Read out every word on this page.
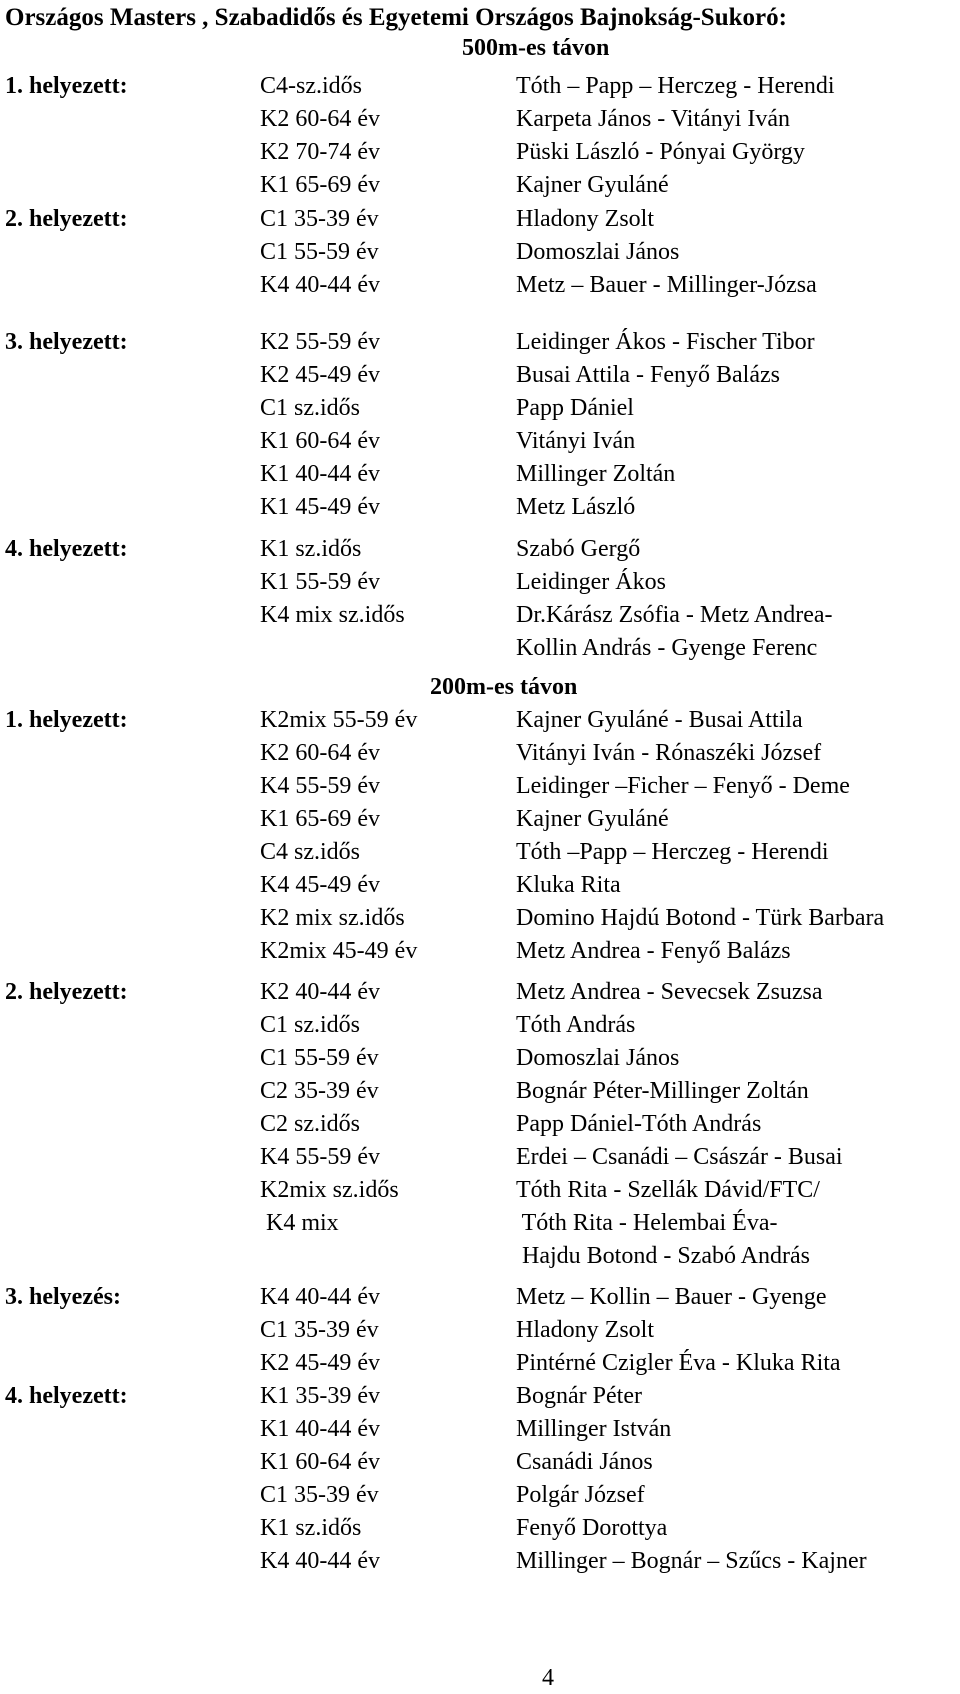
Országos Masters , Szabadidős és Egyetemi Országos Bajnokság-Sukoró:
500m-es távon
1. helyezett:	C4-sz.idős	Tóth – Papp – Herczeg - Herendi
K2 60-64 év	Karpeta János - Vitányi Iván
K2 70-74 év	Püski László - Pónyai György
K1 65-69 év	Kajner Gyuláné
2. helyezett:	C1 35-39 év	Hladony Zsolt
C1 55-59 év	Domoszlai János
K4 40-44 év	Metz – Bauer - Millinger-Józsa
3. helyezett:	K2 55-59 év	Leidinger Ákos - Fischer Tibor
K2 45-49 év	Busai Attila - Fenyő Balázs
C1 sz.idős	Papp Dániel
K1 60-64 év	Vitányi Iván
K1 40-44 év	Millinger Zoltán
K1 45-49 év	Metz László
4. helyezett:	K1 sz.idős	Szabó Gergő
K1 55-59 év	Leidinger Ákos
K4 mix sz.idős	Dr.Kárász Zsófia - Metz Andrea-
Kollin András - Gyenge Ferenc
200m-es távon
1. helyezett:	K2mix 55-59 év	Kajner Gyuláné - Busai Attila
K2 60-64 év	Vitányi Iván - Rónaszéki József
K4 55-59 év	Leidinger –Ficher – Fenyő - Deme
K1 65-69 év	Kajner Gyuláné
C4 sz.idős	Tóth –Papp – Herczeg - Herendi
K4 45-49 év	Kluka Rita
K2 mix sz.idős	Domino Hajdú Botond - Türk Barbara
K2mix 45-49 év	Metz Andrea - Fenyő Balázs
2. helyezett:	K2 40-44 év	Metz Andrea - Sevecsek Zsuzsa
C1 sz.idős	Tóth András
C1 55-59 év	Domoszlai János
C2 35-39 év	Bognár Péter-Millinger Zoltán
C2 sz.idős	Papp Dániel-Tóth András
K4 55-59 év	Erdei – Csanádi – Császár - Busai
K2mix sz.idős	Tóth Rita - Szellák Dávid/FTC/
K4 mix	Tóth Rita - Helembai Éva-
Hajdu Botond - Szabó András
3. helyezés:	K4 40-44 év	Metz – Kollin – Bauer - Gyenge
C1 35-39 év	Hladony Zsolt
K2 45-49 év	Pintérné Czigler Éva - Kluka Rita
4. helyezett:	K1 35-39 év	Bognár Péter
K1 40-44 év	Millinger István
K1 60-64 év	Csanádi János
C1 35-39 év	Polgár József
K1 sz.idős	Fenyő Dorottya
K4 40-44 év	Millinger – Bognár – Szűcs - Kajner
4
